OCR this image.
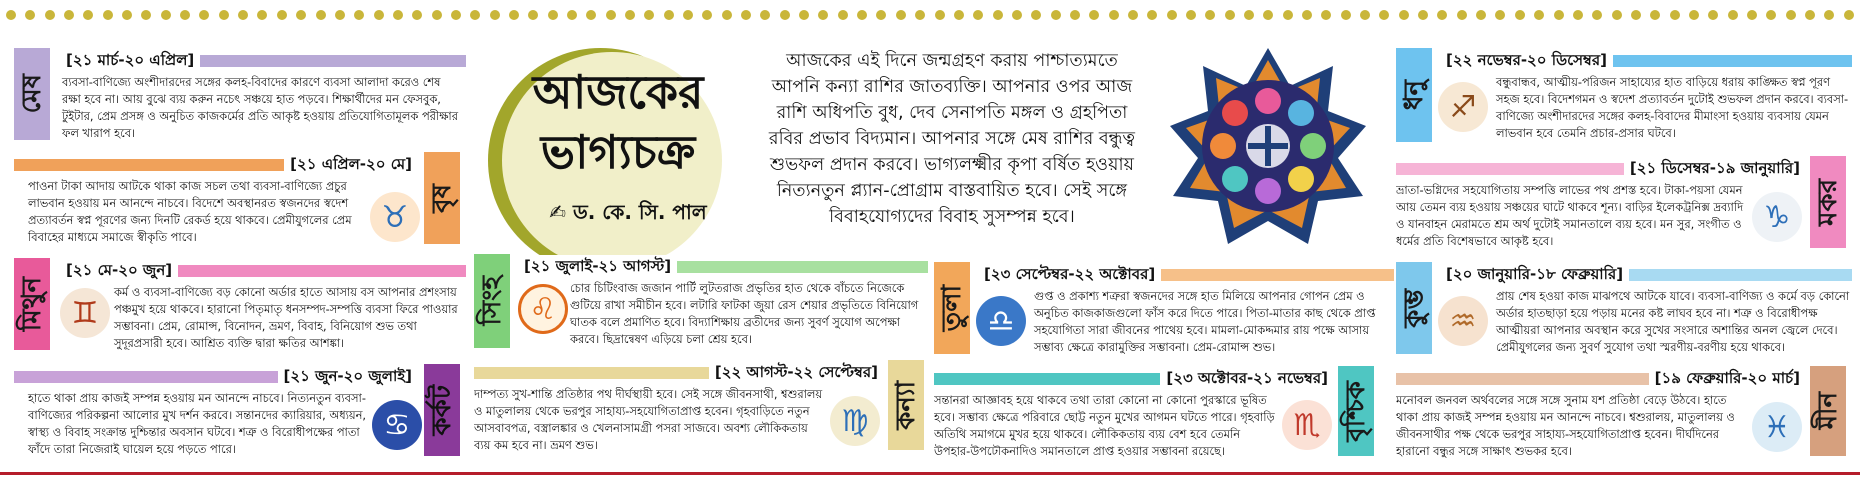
আজকের
ভাগ্যচক্র
✍ ড. কে. সি. পাল
আজকের এই দিনে জন্মগ্রহণ করায় পাশ্চাত্যমতে আপনি কন্যা রাশির জাতব্যক্তি। আপনার ওপর আজ রাশি অধিপতি বুধ, দেব সেনাপতি মঙ্গল ও গ্রহপিতা রবির প্রভাব বিদ্যমান। আপনার সঙ্গে মেষ রাশির বন্ধুত্ব শুভফল প্রদান করবে। ভাগ্যলক্ষ্মীর কৃপা বর্ষিত হওয়ায় নিত্যনতুন প্ল্যান-প্রোগ্রাম বাস্তবায়িত হবে। সেই সঙ্গে বিবাহযোগ্যদের বিবাহ সুসম্পন্ন হবে।
মেষ
[২১ মার্চ-২০ এপ্রিল]
ব্যবসা-বাণিজ্যে অংশীদারদের সঙ্গের কলহ-বিবাদের কারণে ব্যবসা আলাদা করেও শেষ রক্ষা হবে না। আয় বুঝে ব্যয় করুন নচেৎ সঞ্চয়ে হাত পড়বে। শিক্ষার্থীদের মন ফেসবুক, টুইটার, প্রেম প্রসঙ্গ ও অনুচিত কাজকর্মের প্রতি আকৃষ্ট হওয়ায় প্রতিযোগিতামূলক পরীক্ষার ফল খারাপ হবে।
বৃষ
[২১ এপ্রিল-২০ মে]
পাওনা টাকা আদায় আটকে থাকা কাজ সচল তথা ব্যবসা-বাণিজ্যে প্রচুর লাভবান হওয়ায় মন আনন্দে নাচবে। বিদেশে অবস্থানরত স্বজনদের স্বদেশ প্রত্যাবর্তন স্বপ্ন পূরণের জন্য দিনটি রেকর্ড হয়ে থাকবে। প্রেমীযুগলের প্রেম বিবাহের মাধ্যমে সমাজে স্বীকৃতি পাবে।
♉
মিথুন
[২১ মে-২০ জুন]
কর্ম ও ব্যবসা-বাণিজ্যে বড় কোনো অর্ডার হাতে আসায় বস আপনার প্রশংসায় পঞ্চমুখ হয়ে থাকবে। হারানো পিতৃমাতৃ ধনসম্পদ-সম্পত্তি ব্যবসা ফিরে পাওয়ার সম্ভাবনা। প্রেম, রোমান্স, বিনোদন, ভ্রমণ, বিবাহ, বিনিয়োগ শুভ তথা সুদূরপ্রসারী হবে। আশ্রিত ব্যক্তি দ্বারা ক্ষতির আশঙ্কা।
♊
কর্কট
[২১ জুন-২০ জুলাই]
হাতে থাকা প্রায় কাজই সম্পন্ন হওয়ায় মন আনন্দে নাচবে। নিত্যনতুন ব্যবসা-বাণিজ্যের পরিকল্পনা আলোর মুখ দর্শন করবে। সন্তানদের ক্যারিয়ার, অধ্যয়ন, স্বাস্থ্য ও বিবাহ সংক্রান্ত দুশ্চিন্তার অবসান ঘটবে। শত্রু ও বিরোধীপক্ষের পাতা ফাঁদে তারা নিজেরাই ঘায়েল হয়ে পড়তে পারে।
♋
সিংহ
[২১ জুলাই-২১ আগস্ট]
♌
চোর চিটিংবাজ জজান পার্টি লুটতরাজ প্রভৃতির হাত থেকে বাঁচতে নিজেকে গুটিয়ে রাখা সমীচীন হবে। লটারি ফাটকা জুয়া রেস শেয়ার প্রভৃতিতে বিনিয়োগ ঘাতক বলে প্রমাণিত হবে। বিদ্যাশিক্ষায় ব্রতীদের জন্য সুবর্ণ সুযোগ অপেক্ষা করবে। ছিদ্রান্বেষণ এড়িয়ে চলা শ্রেয় হবে।
কন্যা
[২২ আগস্ট-২২ সেপ্টেম্বর]
দাম্পত্য সুখ-শান্তি প্রতিষ্ঠার পথ দীর্ঘস্থায়ী হবে। সেই সঙ্গে জীবনসাথী, শ্বশুরালয় ও মাতুলালয় থেকে ভরপুর সাহায্য-সহযোগিতাপ্রাপ্ত হবেন। গৃহবাড়িতে নতুন আসবাবপত্র, বস্ত্রালঙ্কার ও খেলনাসামগ্রী পসরা সাজবে। অবশ্য লৌকিকতায় ব্যয় কম হবে না। ভ্রমণ শুভ।
♍
তুলা
[২৩ সেপ্টেম্বর-২২ অক্টোবর]
♎
গুপ্ত ও প্রকাশ্য শত্রুরা স্বজনদের সঙ্গে হাত মিলিয়ে আপনার গোপন প্রেম ও অনুচিত কাজকাজগুলো ফাঁস করে দিতে পারে। পিতা-মাতার কাছ থেকে প্রাপ্ত সহযোগিতা সারা জীবনের পাথেয় হবে। মামলা-মোকদ্দমার রায় পক্ষে আসায় সম্ভাব্য ক্ষেত্রে কারামুক্তির সম্ভাবনা। প্রেম-রোমান্স শুভ।
বৃশ্চিক
[২৩ অক্টোবর-২১ নভেম্বর]
সন্তানরা আজ্ঞাবহ হয়ে থাকবে তথা তারা কোনো না কোনো পুরস্কারে ভূষিত হবে। সম্ভাব্য ক্ষেত্রে পরিবারে ছোট্ট নতুন মুখের আগমন ঘটতে পারে। গৃহবাড়ি অতিথি সমাগমে মুখর হয়ে থাকবে। লৌকিকতায় ব্যয় বেশ হবে তেমনি উপহার-উপঢৌকনাদিও সমানতালে প্রাপ্ত হওয়ার সম্ভাবনা রয়েছে।
♏
ধনু
[২২ নভেম্বর-২০ ডিসেম্বর]
♐
বন্ধুবান্ধব, আত্মীয়-পরিজন সাহায্যের হাত বাড়িয়ে ধরায় কাঙ্ক্ষিত স্বপ্ন পূরণ সহজ হবে। বিদেশগমন ও স্বদেশ প্রত্যাবর্তন দুটোই শুভফল প্রদান করবে। ব্যবসা-বাণিজ্যে অংশীদারদের সঙ্গের কলহ-বিবাদের মীমাংসা হওয়ায় ব্যবসায় যেমন লাভবান হবে তেমনি প্রচার-প্রসার ঘটবে।
মকর
[২১ ডিসেম্বর-১৯ জানুয়ারি]
ভ্রাতা-ভগ্নিদের সহযোগিতায় সম্পত্তি লাভের পথ প্রশস্ত হবে। টাকা-পয়সা যেমন আয় তেমন ব্যয় হওয়ায় সঞ্চয়ের ঘাটে থাকবে শূন্য। বাড়ির ইলেকট্রনিক্স দ্রব্যাদি ও যানবাহন মেরামতে শ্রম অর্থ দুটোই সমানতালে ব্যয় হবে। মন সুর, সংগীত ও ধর্মের প্রতি বিশেষভাবে আকৃষ্ট হবে।
♑
কুম্ভ
[২০ জানুয়ারি-১৮ ফেব্রুয়ারি]
♒
প্রায় শেষ হওয়া কাজ মাঝপথে আটকে যাবে। ব্যবসা-বাণিজ্য ও কর্মে বড় কোনো অর্ডার হাতছাড়া হয়ে পড়ায় মনের কষ্ট লাঘব হবে না। শত্রু ও বিরোধীপক্ষ আত্মীয়রা আপনার অবস্থান করে সুখের সংসারে অশান্তির অনল জ্বেলে দেবে। প্রেমীযুগলের জন্য সুবর্ণ সুযোগ তথা স্মরণীয়-বরণীয় হয়ে থাকবে।
মীন
[১৯ ফেব্রুয়ারি-২০ মার্চ]
মনোবল জনবল অর্থবলের সঙ্গে সঙ্গে সুনাম যশ প্রতিষ্ঠা বেড়ে উঠবে। হাতে থাকা প্রায় কাজই সম্পন্ন হওয়ায় মন আনন্দে নাচবে। শ্বশুরালয়, মাতুলালয় ও জীবনসাথীর পক্ষ থেকে ভরপুর সাহায্য-সহযোগিতাপ্রাপ্ত হবেন। দীর্ঘদিনের হারানো বন্ধুর সঙ্গে সাক্ষাৎ শুভকর হবে।
♓
